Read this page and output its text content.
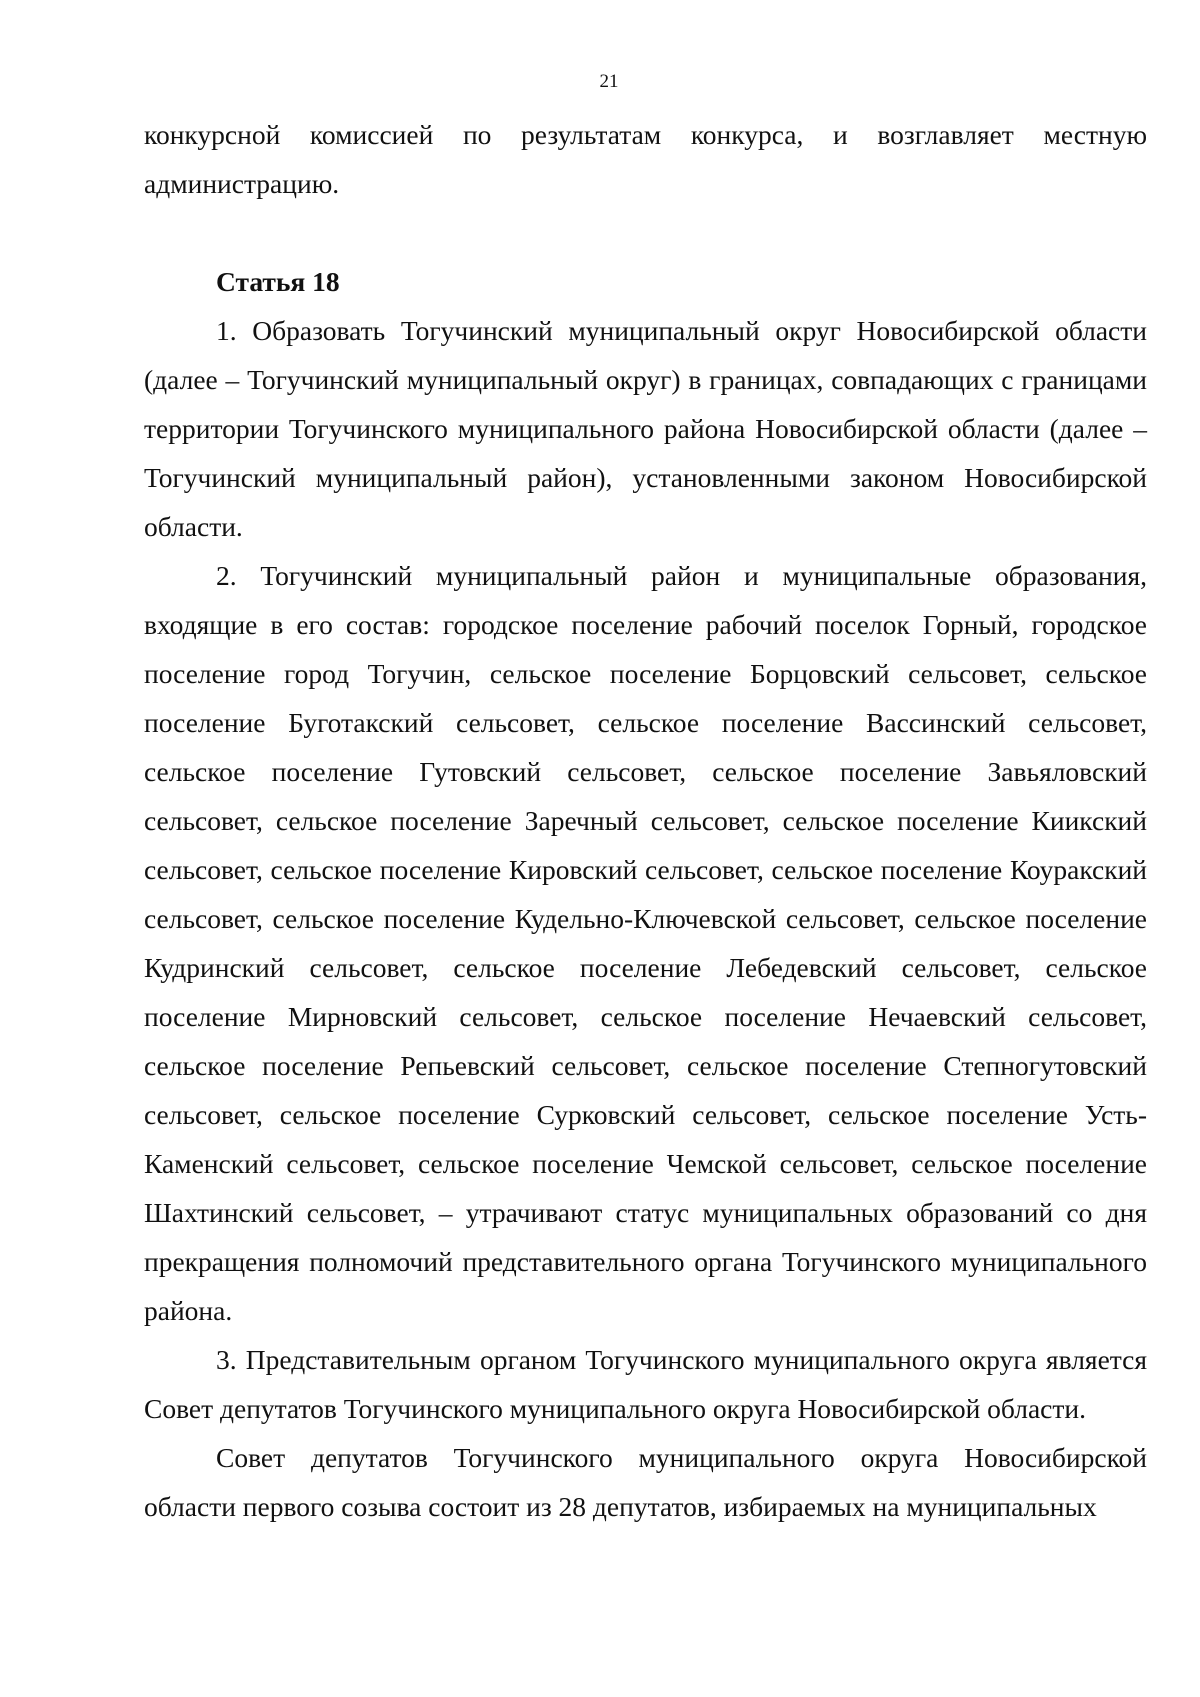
21

конкурсной комиссией по результатам конкурса, и возглавляет местную администрацию.

Статья 18

1. Образовать Тогучинский муниципальный округ Новосибирской области (далее – Тогучинский муниципальный округ) в границах, совпадающих с границами территории Тогучинского муниципального района Новосибирской области (далее – Тогучинский муниципальный район), установленными законом Новосибирской области.

2. Тогучинский муниципальный район и муниципальные образования, входящие в его состав: городское поселение рабочий поселок Горный, городское поселение город Тогучин, сельское поселение Борцовский сельсовет, сельское поселение Буготакский сельсовет, сельское поселение Вассинский сельсовет, сельское поселение Гутовский сельсовет, сельское поселение Завьяловский сельсовет, сельское поселение Заречный сельсовет, сельское поселение Киикский сельсовет, сельское поселение Кировский сельсовет, сельское поселение Коуракский сельсовет, сельское поселение Кудельно-Ключевской сельсовет, сельское поселение Кудринский сельсовет, сельское поселение Лебедевский сельсовет, сельское поселение Мирновский сельсовет, сельское поселение Нечаевский сельсовет, сельское поселение Репьевский сельсовет, сельское поселение Степногутовский сельсовет, сельское поселение Сурковский сельсовет, сельское поселение Усть-Каменский сельсовет, сельское поселение Чемской сельсовет, сельское поселение Шахтинский сельсовет, – утрачивают статус муниципальных образований со дня прекращения полномочий представительного органа Тогучинского муниципального района.

3. Представительным органом Тогучинского муниципального округа является Совет депутатов Тогучинского муниципального округа Новосибирской области.

Совет депутатов Тогучинского муниципального округа Новосибирской области первого созыва состоит из 28 депутатов, избираемых на муниципальных
